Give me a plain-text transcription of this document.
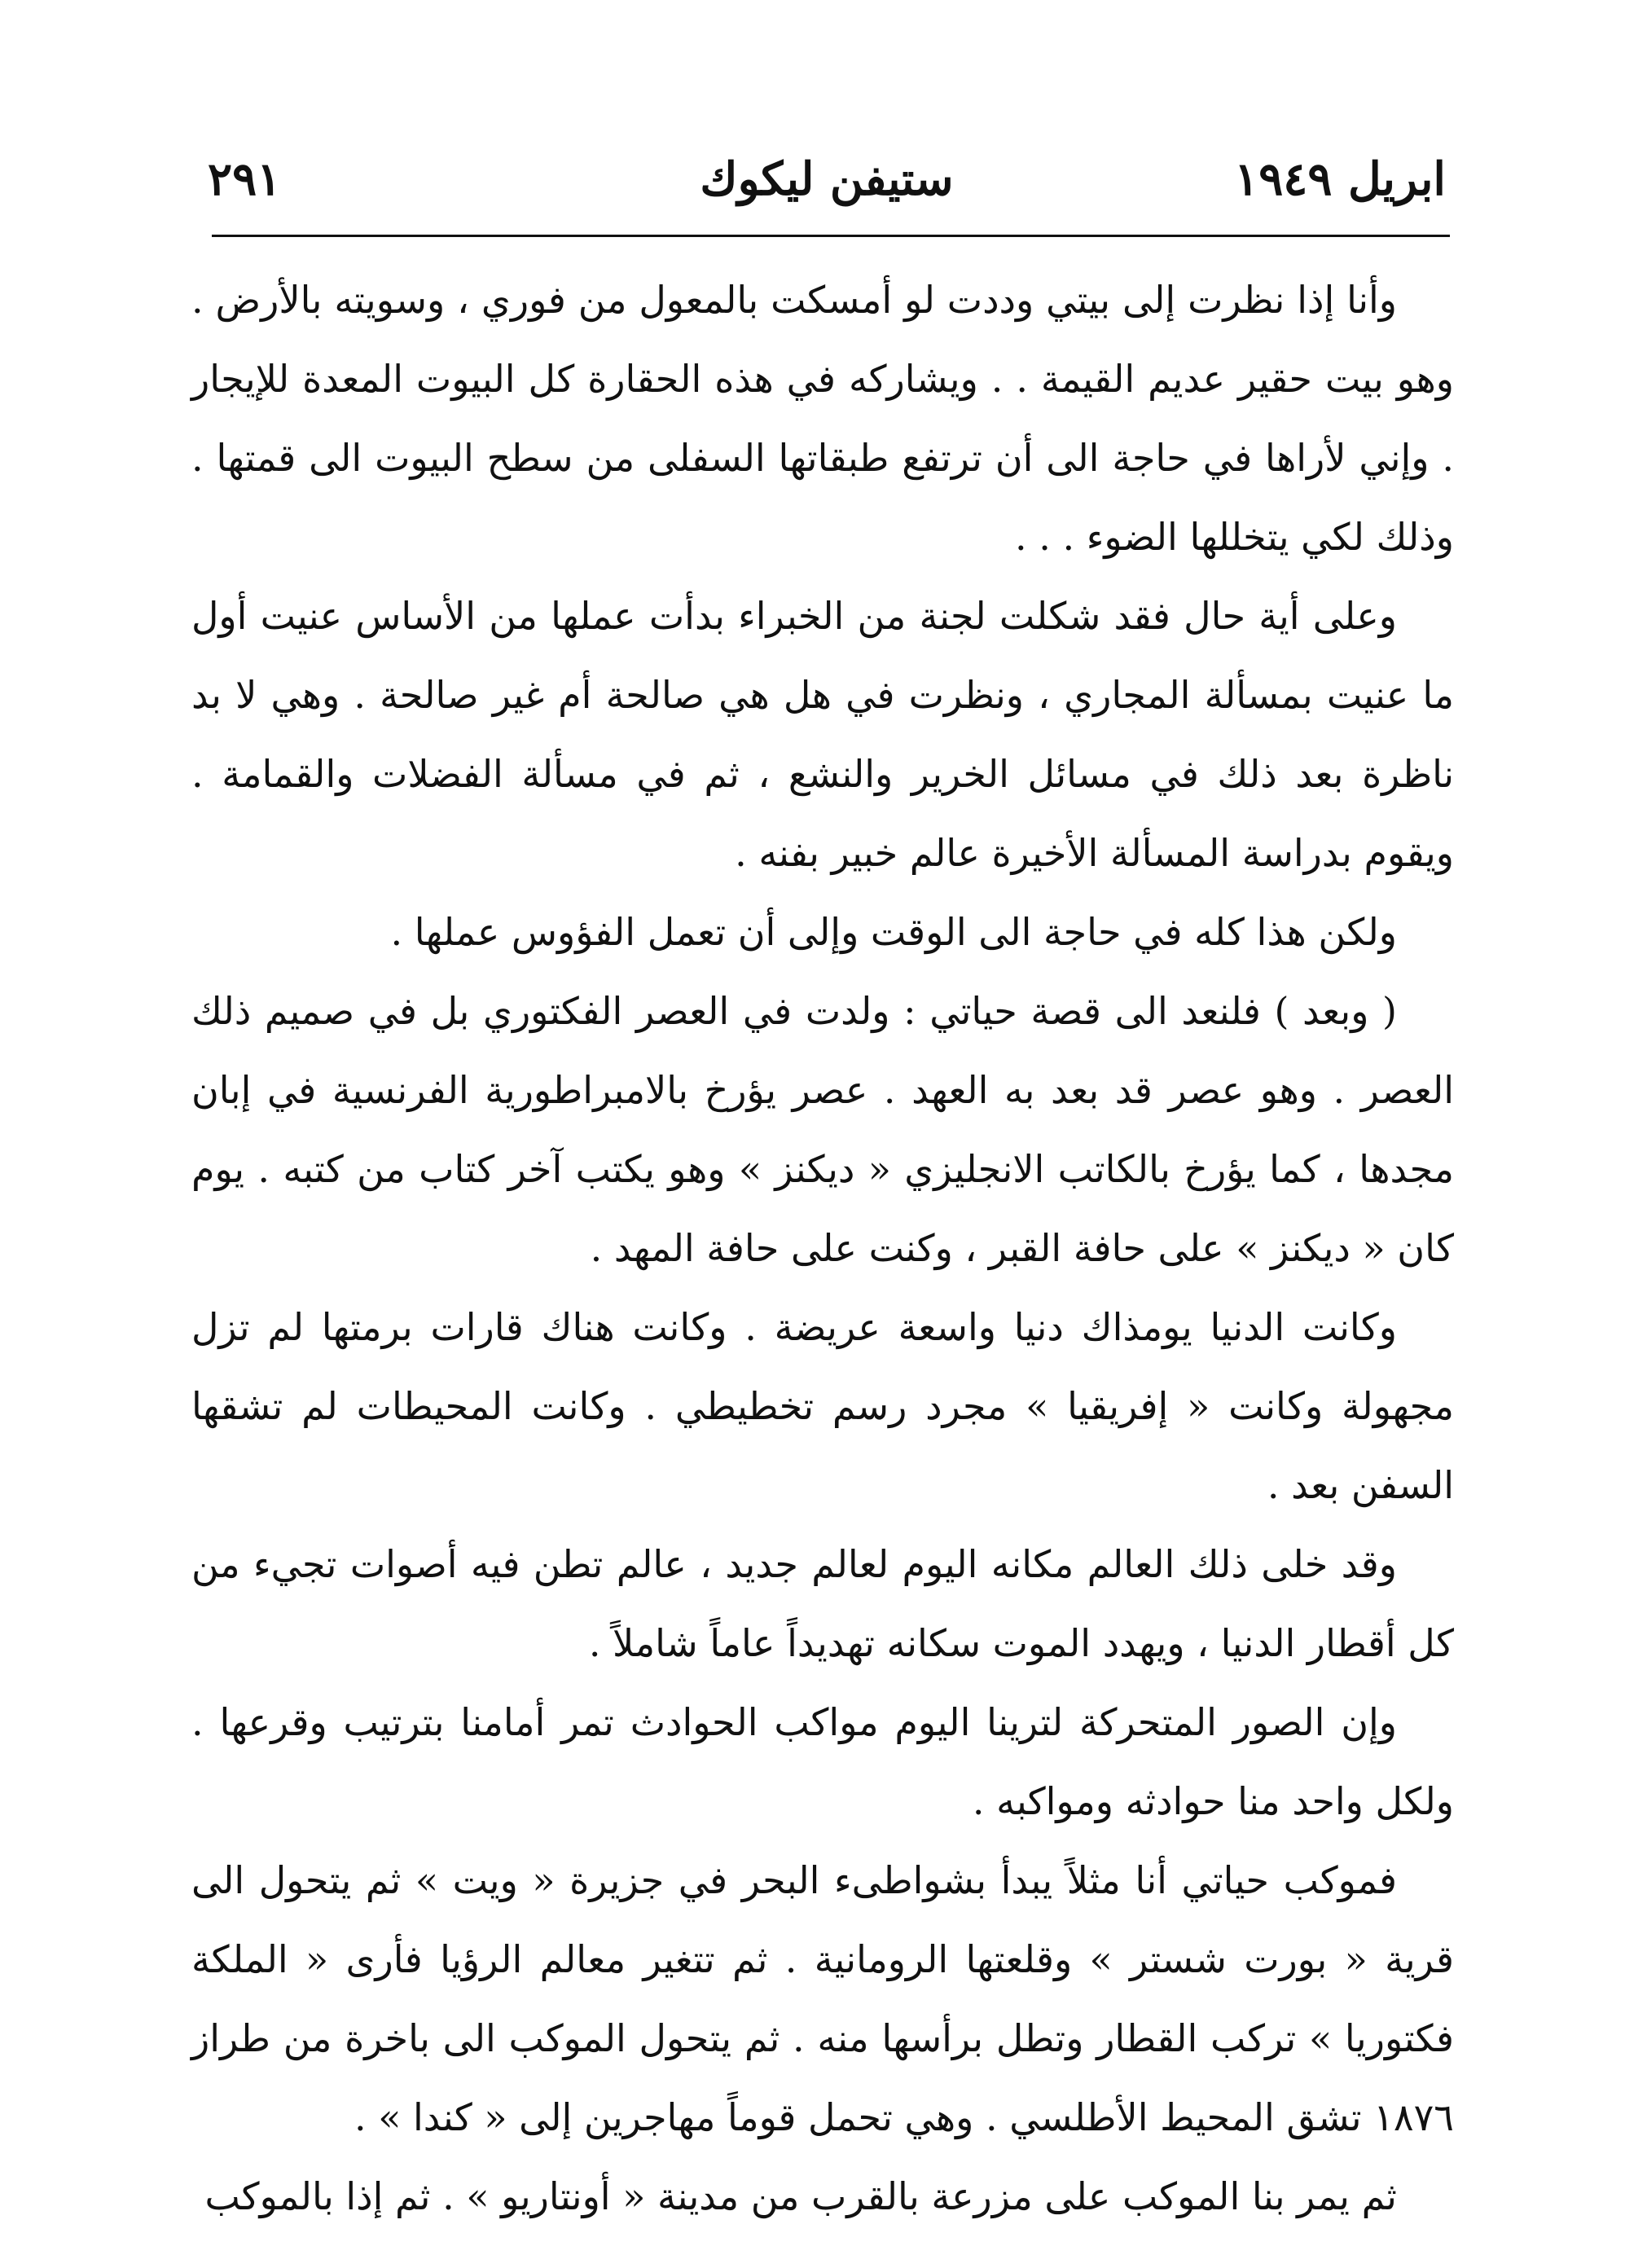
ابريل ١٩٤٩
ستيفن ليكوك
٢٩١

وأنا إذا نظرت إلى بيتي وددت لو أمسكت بالمعول من فوري ، وسويته بالأرض . وهو بيت حقير عديم القيمة . . ويشاركه في هذه الحقارة كل البيوت المعدة للإيجار . وإني لأراها في حاجة الى أن ترتفع طبقاتها السفلى من سطح البيوت الى قمتها . وذلك لكي يتخللها الضوء . . .

وعلى أية حال فقد شكلت لجنة من الخبراء بدأت عملها من الأساس عنيت أول ما عنيت بمسألة المجاري ، ونظرت في هل هي صالحة أم غير صالحة . وهي لا بد ناظرة بعد ذلك في مسائل الخرير والنشع ، ثم في مسألة الفضلات والقمامة . ويقوم بدراسة المسألة الأخيرة عالم خبير بفنه .

ولكن هذا كله في حاجة الى الوقت وإلى أن تعمل الفؤوس عملها .

( وبعد ) فلنعد الى قصة حياتي : ولدت في العصر الفكتوري بل في صميم ذلك العصر . وهو عصر قد بعد به العهد . عصر يؤرخ بالامبراطورية الفرنسية في إبان مجدها ، كما يؤرخ بالكاتب الانجليزي « ديكنز » وهو يكتب آخر كتاب من كتبه . يوم كان « ديكنز » على حافة القبر ، وكنت على حافة المهد .

وكانت الدنيا يومذاك دنيا واسعة عريضة . وكانت هناك قارات برمتها لم تزل مجهولة وكانت « إفريقيا » مجرد رسم تخطيطي . وكانت المحيطات لم تشقها السفن بعد .

وقد خلى ذلك العالم مكانه اليوم لعالم جديد ، عالم تطن فيه أصوات تجيء من كل أقطار الدنيا ، ويهدد الموت سكانه تهديداً عاماً شاملاً .

وإن الصور المتحركة لترينا اليوم مواكب الحوادث تمر أمامنا بترتيب وقرعها . ولكل واحد منا حوادثه ومواكبه .

فموكب حياتي أنا مثلاً يبدأ بشواطىء البحر في جزيرة « ويت » ثم يتحول الى قرية « بورت شستر » وقلعتها الرومانية . ثم تتغير معالم الرؤيا فأرى « الملكة فكتوريا » تركب القطار وتطل برأسها منه . ثم يتحول الموكب الى باخرة من طراز ١٨٧٦ تشق المحيط الأطلسي . وهي تحمل قوماً مهاجرين إلى « كندا » .

ثم يمر بنا الموكب على مزرعة بالقرب من مدينة « أونتاريو » . ثم إذا بالموكب
